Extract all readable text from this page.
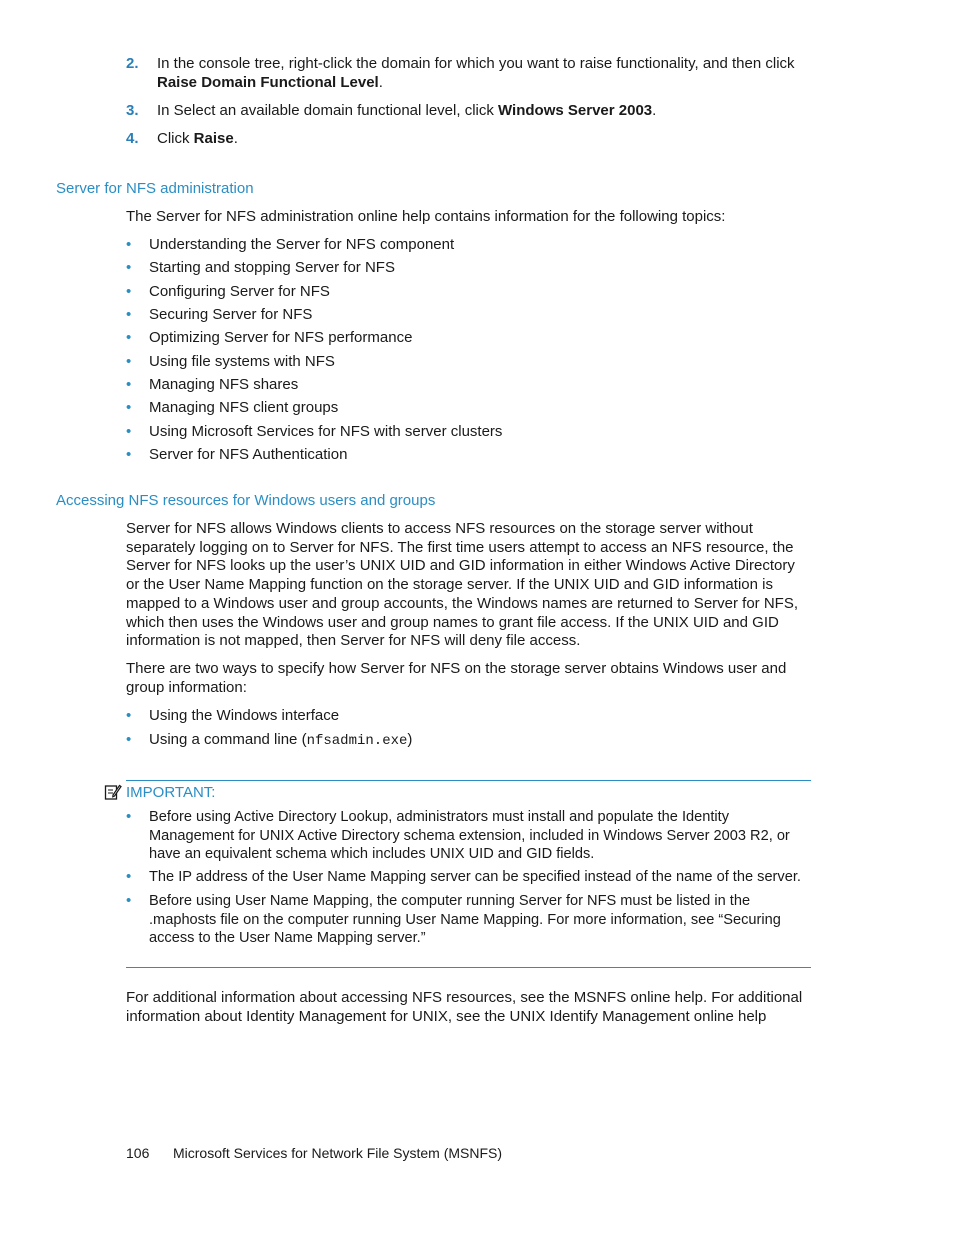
2. In the console tree, right-click the domain for which you want to raise functionality, and then click Raise Domain Functional Level.
3. In Select an available domain functional level, click Windows Server 2003.
4. Click Raise.
Server for NFS administration
The Server for NFS administration online help contains information for the following topics:
• Understanding the Server for NFS component
• Starting and stopping Server for NFS
• Configuring Server for NFS
• Securing Server for NFS
• Optimizing Server for NFS performance
• Using file systems with NFS
• Managing NFS shares
• Managing NFS client groups
• Using Microsoft Services for NFS with server clusters
• Server for NFS Authentication
Accessing NFS resources for Windows users and groups
Server for NFS allows Windows clients to access NFS resources on the storage server without separately logging on to Server for NFS. The first time users attempt to access an NFS resource, the Server for NFS looks up the user’s UNIX UID and GID information in either Windows Active Directory or the User Name Mapping function on the storage server. If the UNIX UID and GID information is mapped to a Windows user and group accounts, the Windows names are returned to Server for NFS, which then uses the Windows user and group names to grant file access. If the UNIX UID and GID information is not mapped, then Server for NFS will deny file access.
There are two ways to specify how Server for NFS on the storage server obtains Windows user and group information:
• Using the Windows interface
• Using a command line (nfsadmin.exe)
IMPORTANT:
• Before using Active Directory Lookup, administrators must install and populate the Identity Management for UNIX Active Directory schema extension, included in Windows Server 2003 R2, or have an equivalent schema which includes UNIX UID and GID fields.
• The IP address of the User Name Mapping server can be specified instead of the name of the server.
• Before using User Name Mapping, the computer running Server for NFS must be listed in the .maphosts file on the computer running User Name Mapping. For more information, see “Securing access to the User Name Mapping server.”
For additional information about accessing NFS resources, see the MSNFS online help. For additional information about Identity Management for UNIX, see the UNIX Identify Management online help
106 Microsoft Services for Network File System (MSNFS)
